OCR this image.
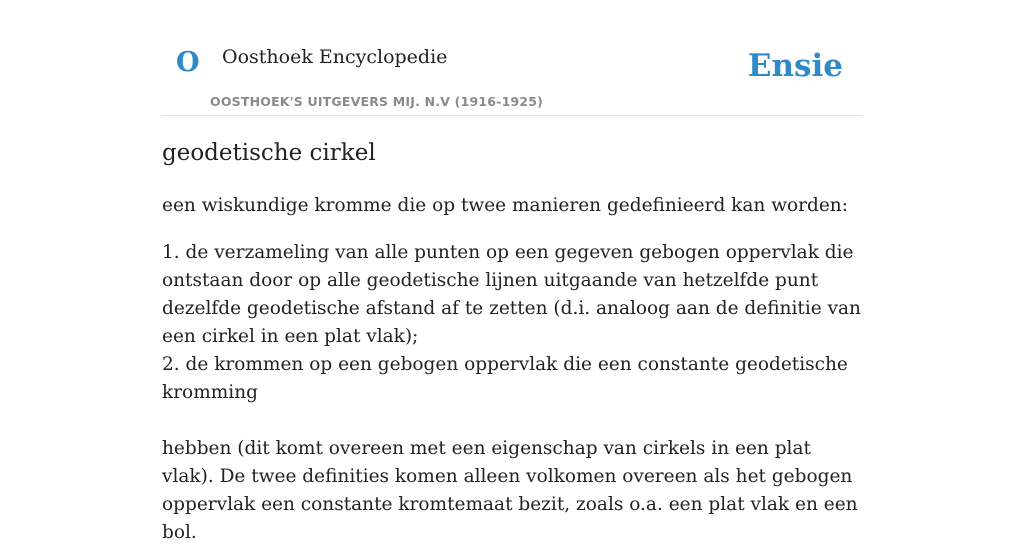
O Oosthoek Encyclopedie
OOSTHOEK'S UITGEVERS MIJ. N.V (1916-1925)
Ensie
geodetische cirkel

een wiskundige kromme die op twee manieren gedefinieerd kan worden:

1. de verzameling van alle punten op een gegeven gebogen oppervlak die ontstaan door op alle geodetische lijnen uitgaande van hetzelfde punt dezelfde geodetische afstand af te zetten (d.i. analoog aan de definitie van een cirkel in een plat vlak);

2. de krommen op een gebogen oppervlak die een constante geodetische kromming

hebben (dit komt overeen met een eigenschap van cirkels in een plat vlak). De twee definities komen alleen volkomen overeen als het gebogen oppervlak een constante kromtemaat bezit, zoals o.a. een plat vlak en een bol.
